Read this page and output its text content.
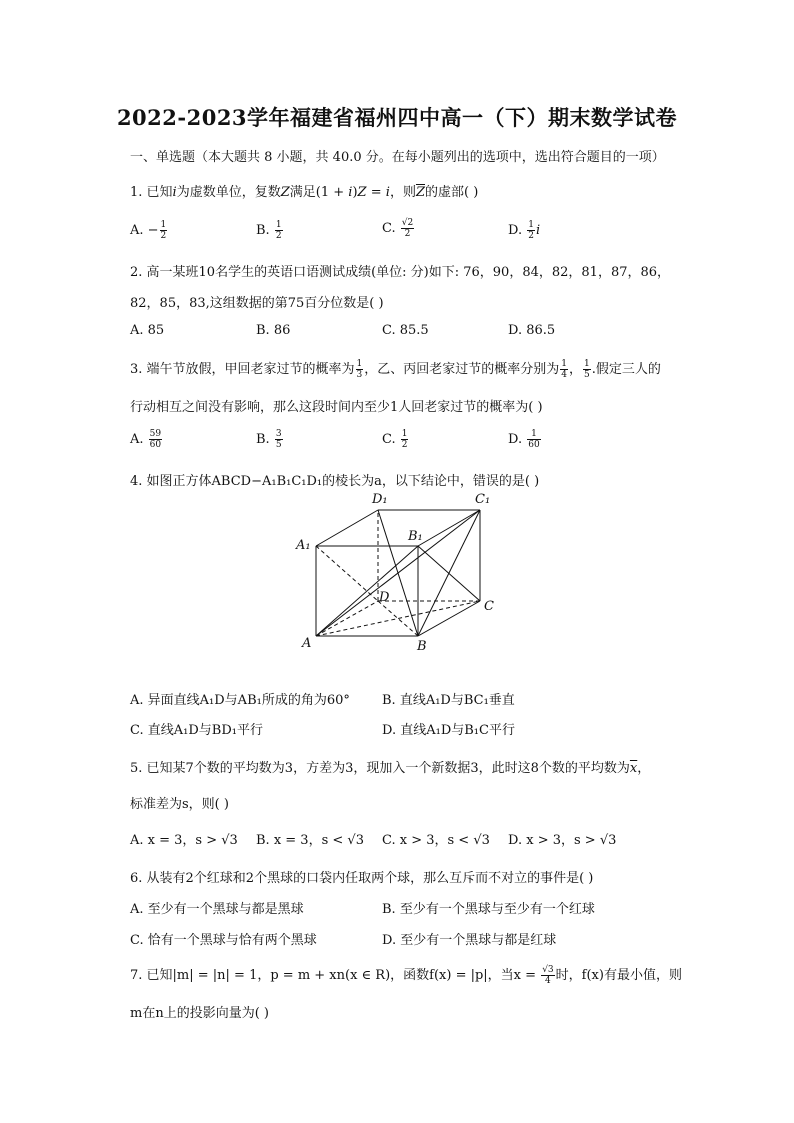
2022-2023学年福建省福州四中高一（下）期末数学试卷
一、单选题（本大题共 8 小题，共 40.0 分。在每小题列出的选项中，选出符合题目的一项）
1. 已知i为虚数单位，复数Z满足(1 + i)Z = i，则$\overline{Z}$的虚部( )
A. − $\frac{1}{2}$	B. $\frac{1}{2}$	C. $\frac{√2}{2}$	D. $\frac{1}{2}$ i
2. 高一某班10名学生的英语口语测试成绩(单位: 分)如下: 76，90，84，82，81，87，86，
82，85，83,这组数据的第75百分位数是( )
A. 85	B. 86	C. 85.5	D. 86.5
3. 端午节放假，甲回老家过节的概率为 $\frac{1}{3}$ ，乙、丙回老家过节的概率分别为 $\frac{1}{4}$ ， $\frac{1}{5}$ .假定三人的
行动相互之间没有影响，那么这段时间内至少1人回老家过节的概率为( )
A. $\frac{59}{60}$	B. $\frac{3}{5}$	C. $\frac{1}{2}$	D. $\frac{1}{60}$
4. 如图正方体ABCD−A₁B₁C₁D₁的棱长为a，以下结论中，错误的是( )
D₁	C₁
A₁
B₁
D
C
A	B
A. 异面直线A₁D与AB₁所成的角为60° B. 直线A₁D与BC₁垂直
C. 直线A₁D与BD₁平行	D. 直线A₁D与B₁C平行
5. 已知某7个数的平均数为3，方差为3，现加入一个新数据3，此时这8个数的平均数为$\overline{x}$，
标准差为s，则( )
A. x = 3，s > √3 B. x = 3，s < √3 C. x > 3，s < √3 D. x > 3，s > √3
6. 从装有2个红球和2个黑球的口袋内任取两个球，那么互斥而不对立的事件是( )
A. 至少有一个黑球与都是黑球	B. 至少有一个黑球与至少有一个红球
C. 恰有一个黑球与恰有两个黑球	D. 至少有一个黑球与都是红球
7. 已知|m| = |n| = 1，p = m + xn(x ∈ R)，函数f(x) = |p|，当$x = \frac{√3}{4}$ 时，f(x)有最小值，则
m在n上的投影向量为( )
